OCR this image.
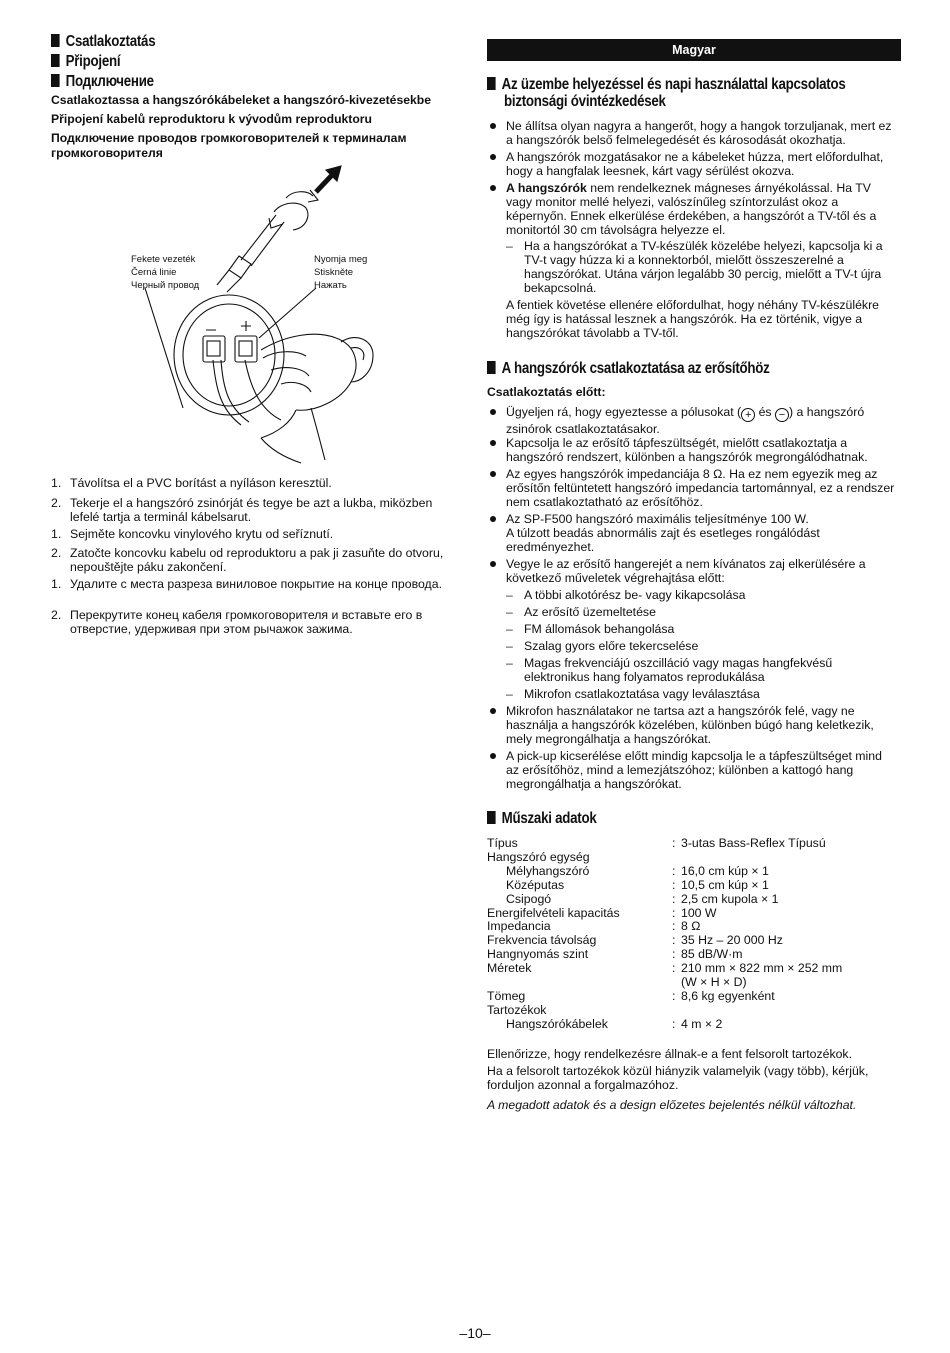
Csatlakoztatás
Připojení
Подключение
Csatlakoztassa a hangszórókábeleket a hangszóró-kivezetésekbe
Připojení kabelů reproduktoru k vývodům reproduktoru
Подключение проводов громкоговорителей к терминалам громкоговорителя
Fekete vezeték
Černá linie
Черный провод
Nyomja meg
Stiskněte
Нажать
1. Távolítsa el a PVC borítást a nyíláson keresztül.
2. Tekerje el a hangszóró zsinórját és tegye be azt a lukba, miközben lefelé tartja a terminál kábelsarut.
1. Sejměte koncovku vinylového krytu od seříznutí.
2. Zatočte koncovku kabelu od reproduktoru a pak ji zasuňte do otvoru, nepouštějte páku zakončení.
1. Удалите с места разреза виниловое покрытие на конце провода.
2. Перекрутите конец кабеля громкоговорителя и вставьте его в отверстие, удерживая при этом рычажок зажима.
Magyar
Az üzembe helyezéssel és napi használattal kapcsolatos
biztonsági óvintézkedések
Ne állítsa olyan nagyra a hangerőt, hogy a hangok torzuljanak, mert ez a hangszórók belső felmelegedését és károsodását okozhatja.
A hangszórók mozgatásakor ne a kábeleket húzza, mert előfordulhat, hogy a hangfalak leesnek, kárt vagy sérülést okozva.
A hangszórók nem rendelkeznek mágneses árnyékolással. Ha TV vagy monitor mellé helyezi, valószínűleg színtorzulást okoz a képernyőn. Ennek elkerülése érdekében, a hangszórót a TV-től és a monitortól 30 cm távolságra helyezze el.
– Ha a hangszórókat a TV-készülék közelébe helyezi, kapcsolja ki a TV-t vagy húzza ki a konnektorból, mielőtt összeszerelné a hangszórókat. Utána várjon legalább 30 percig, mielőtt a TV-t újra bekapcsolná.
A fentiek követése ellenére előfordulhat, hogy néhány TV-készülékre még így is hatással lesznek a hangszórók. Ha ez történik, vigye a hangszórókat távolabb a TV-től.
A hangszórók csatlakoztatása az erősítőhöz
Csatlakoztatás előtt:
Ügyeljen rá, hogy egyeztesse a pólusokat ( + és − ) a hangszóró zsinórok csatlakoztatásakor.
Kapcsolja le az erősítő tápfeszültségét, mielőtt csatlakoztatja a hangszóró rendszert, különben a hangszórók megrongálódhatnak.
Az egyes hangszórók impedanciája 8 Ω. Ha ez nem egyezik meg az erősítőn feltüntetett hangszóró impedancia tartománnyal, ez a rendszer nem csatlakoztatható az erősítőhöz.
Az SP-F500 hangszóró maximális teljesítménye 100 W.
A túlzott beadás abnormális zajt és esetleges rongálódást eredményezhet.
Vegye le az erősítő hangerejét a nem kívánatos zaj elkerülésére a következő műveletek végrehajtása előtt:
– A többi alkotórész be- vagy kikapcsolása
– Az erősítő üzemeltetése
– FM állomások behangolása
– Szalag gyors előre tekercselése
– Magas frekvenciájú oszcilláció vagy magas hangfekvésű elektronikus hang folyamatos reprodukálása
– Mikrofon csatlakoztatása vagy leválasztása
Mikrofon használatakor ne tartsa azt a hangszórók felé, vagy ne használja a hangszórók közelében, különben búgó hang keletkezik, mely megrongálhatja a hangszórókat.
A pick-up kicserélése előtt mindig kapcsolja le a tápfeszültséget mind az erősítőhöz, mind a lemezjátszóhoz; különben a kattogó hang megrongálhatja a hangszórókat.
Műszaki adatok
Típus	: 3-utas Bass-Reflex Típusú
Hangszóró egység
Mélyhangszóró	: 16,0 cm kúp × 1
Középutas	: 10,5 cm kúp × 1
Csipogó	: 2,5 cm kupola × 1
Energifelvételi kapacitás	: 100 W
Impedancia	: 8 Ω
Frekvencia távolság	: 35 Hz – 20 000 Hz
Hangnyomás szint	: 85 dB/W·m
Méretek	: 210 mm × 822 mm × 252 mm
(W × H × D)
Tömeg	: 8,6 kg egyenként
Tartozékok
Hangszórókábelek	: 4 m × 2
Ellenőrizze, hogy rendelkezésre állnak-e a fent felsorolt tartozékok.
Ha a felsorolt tartozékok közül hiányzik valamelyik (vagy több), kérjük, forduljon azonnal a forgalmazóhoz.
A megadott adatok és a design előzetes bejelentés nélkül változhat.
–10–
